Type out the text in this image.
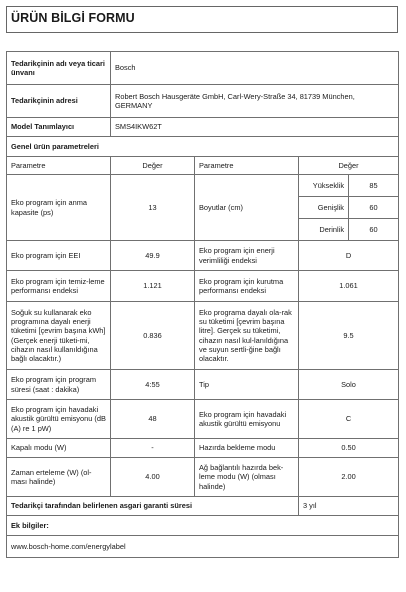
ÜRÜN BİLGİ FORMU
Tedarikçinin adı veya ticari ünvanı	Bosch
Tedarikçinin adresi	Robert Bosch Hausgeräte GmbH, Carl-Wery-Straße 34, 81739 München, GERMANY
Model Tanımlayıcı	SMS4IKW62T
Genel ürün parametreleri
Parametre	Değer	Parametre	Değer
Eko program için anma kapasite (ps)	13	Boyutlar (cm)	
Yükseklik	85
Genişlik	60
Derinlik	60

Eko program için EEI	49.9	Eko program için enerji verimliliği endeksi	D
Eko program için temiz-leme performansı endeksi	1.121	Eko program için kurutma performansı endeksi	1.061
Soğuk su kullanarak eko programına dayalı enerji tüketimi [çevrim başına kWh] (Gerçek enerji tüketi-mi, cihazın nasıl kullanıldığına bağlı olacaktır.)	0.836	Eko programa dayalı ola-rak su tüketimi [çevrim başına litre]. Gerçek su tüketimi, cihazın nasıl kul-lanıldığına ve suyun sertli-ğine bağlı olacaktır.	9.5
Eko program için program süresi (saat : dakika)	4:55	Tip	Solo
Eko program için havadaki akustik gürültü emisyonu (dB (A) re 1 pW)	48	Eko program için havadaki akustik gürültü emisyonu	C
Kapalı modu (W)	-	Hazırda bekleme modu	0.50
Zaman erteleme (W) (ol-ması halinde)	4.00	Ağ bağlantılı hazırda bek-leme modu (W) (olması halinde)	2.00
Tedarikçi tarafından belirlenen asgari garanti süresi	3 yıl
Ek bilgiler:
www.bosch-home.com/energylabel
